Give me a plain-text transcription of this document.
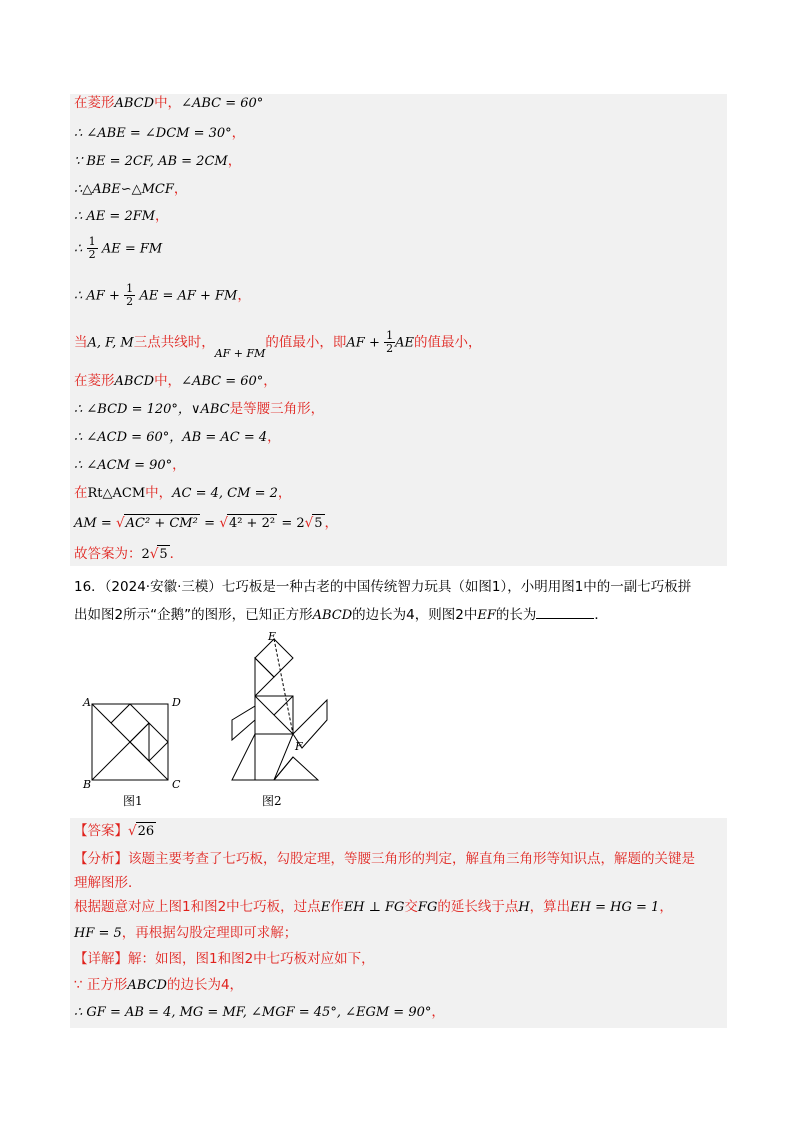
在菱形ABCD中，∠ABC = 60°
∴ ∠ABE = ∠DCM = 30°，
∵ BE = 2CF, AB = 2CM，
∴△ABE∽△MCF，
∴ AE = 2FM，
∴ $\frac{1}{2}$ AE = FM
∴ AF + $\frac{1}{2}$ AE = AF + FM，
当A, F, M三点共线时，$_{AF + FM}$的值最小，即AF + $\frac{1}{2}$ AE的值最小，
在菱形ABCD中，∠ABC = 60°，
∴ ∠BCD = 120°，∨ABC是等腰三角形，
∴ ∠ACD = 60°，AB = AC = 4，
∴ ∠ACM = 90°，
在Rt△ACM中，AC = 4, CM = 2，
AM = √AC² + CM² = √4² + 2² = 2√5 ，
故答案为：2√5 ．
16．（2024·安徽·三模）七巧板是一种古老的中国传统智力玩具（如图1），小明用图1中的一副七巧板拼
出如图2所示“企鹅”的图形，已知正方形ABCD的边长为4，则图2中EF的长为	．
A	D
B	C
图1
E
F
图2
【答案】√26
【分析】该题主要考查了七巧板，勾股定理，等腰三角形的判定，解直角三角形等知识点，解题的关键是
理解图形．
根据题意对应上图1和图2中七巧板，过点E作EH ⊥ FG交FG的延长线于点H，算出EH = HG = 1，
HF = 5，再根据勾股定理即可求解；
【详解】解：如图，图1和图2中七巧板对应如下，
∵ 正方形ABCD的边长为4，
∴ GF = AB = 4, MG = MF, ∠MGF = 45°, ∠EGM = 90°，
